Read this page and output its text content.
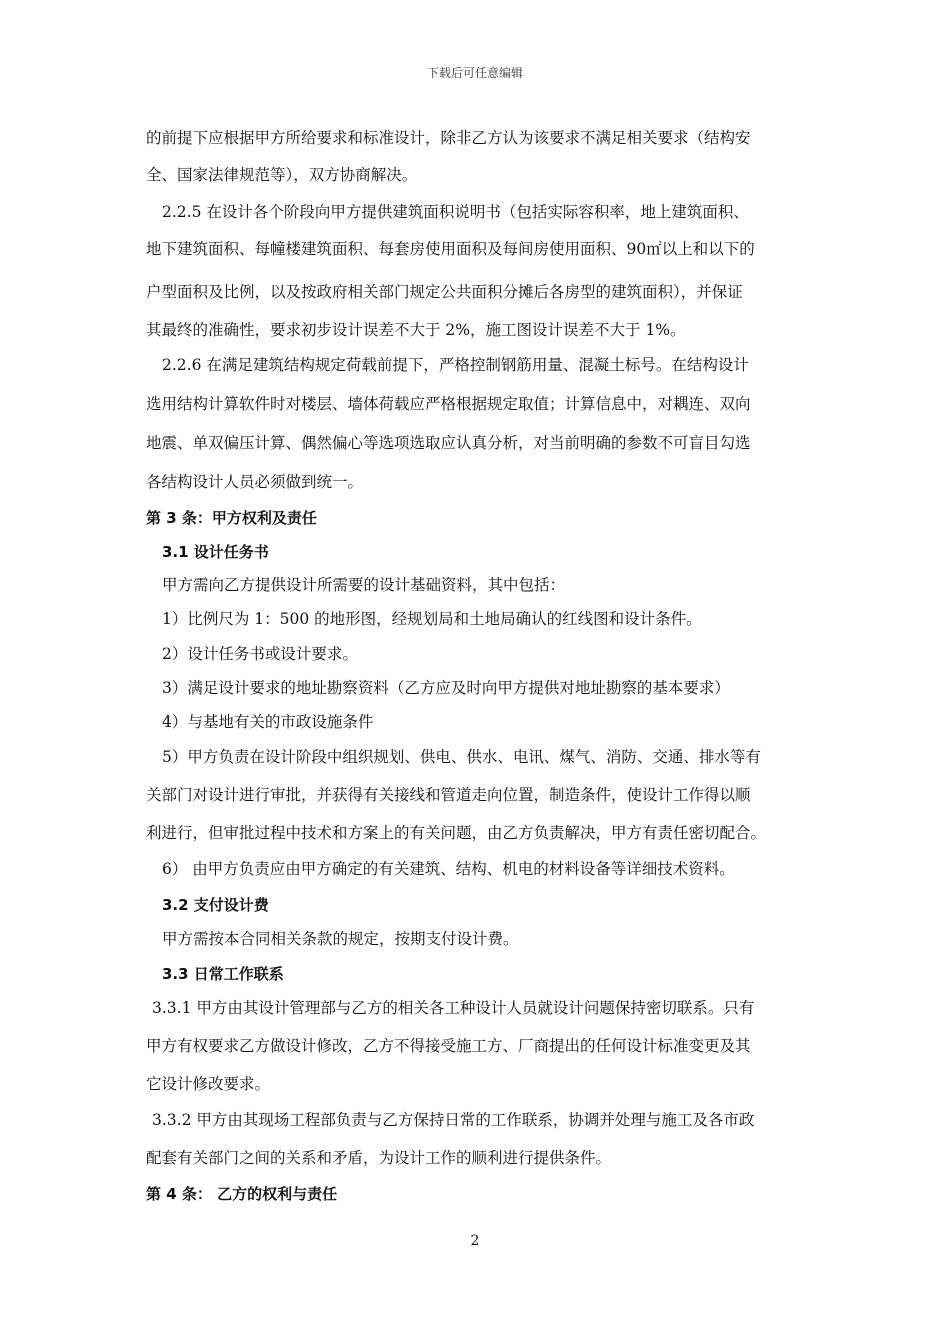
下载后可任意编辑
的前提下应根据甲方所给要求和标准设计，除非乙方认为该要求不满足相关要求（结构安
全、国家法律规范等），双方协商解决。
2.2.5 在设计各个阶段向甲方提供建筑面积说明书（包括实际容积率，地上建筑面积、
地下建筑面积、每幢楼建筑面积、每套房使用面积及每间房使用面积、90㎡以上和以下的
户型面积及比例，以及按政府相关部门规定公共面积分摊后各房型的建筑面积），并保证
其最终的准确性，要求初步设计误差不大于 2%，施工图设计误差不大于 1%。
2.2.6 在满足建筑结构规定荷载前提下，严格控制钢筋用量、混凝土标号。在结构设计
选用结构计算软件时对楼层、墙体荷载应严格根据规定取值；计算信息中，对耦连、双向
地震、单双偏压计算、偶然偏心等选项选取应认真分析，对当前明确的参数不可盲目勾选
各结构设计人员必须做到统一。
第 3 条：甲方权利及责任
3.1 设计任务书
甲方需向乙方提供设计所需要的设计基础资料，其中包括：
1）比例尺为 1：500 的地形图，经规划局和土地局确认的红线图和设计条件。
2）设计任务书或设计要求。
3）满足设计要求的地址勘察资料（乙方应及时向甲方提供对地址勘察的基本要求）
4）与基地有关的市政设施条件
5）甲方负责在设计阶段中组织规划、供电、供水、电讯、煤气、消防、交通、排水等有
关部门对设计进行审批，并获得有关接线和管道走向位置，制造条件，使设计工作得以顺
利进行，但审批过程中技术和方案上的有关问题，由乙方负责解决，甲方有责任密切配合。
6） 由甲方负责应由甲方确定的有关建筑、结构、机电的材料设备等详细技术资料。
3.2 支付设计费
甲方需按本合同相关条款的规定，按期支付设计费。
3.3 日常工作联系
3.3.1 甲方由其设计管理部与乙方的相关各工种设计人员就设计问题保持密切联系。只有
甲方有权要求乙方做设计修改，乙方不得接受施工方、厂商提出的任何设计标准变更及其
它设计修改要求。
3.3.2 甲方由其现场工程部负责与乙方保持日常的工作联系，协调并处理与施工及各市政
配套有关部门之间的关系和矛盾，为设计工作的顺利进行提供条件。
第 4 条： 乙方的权利与责任
2
